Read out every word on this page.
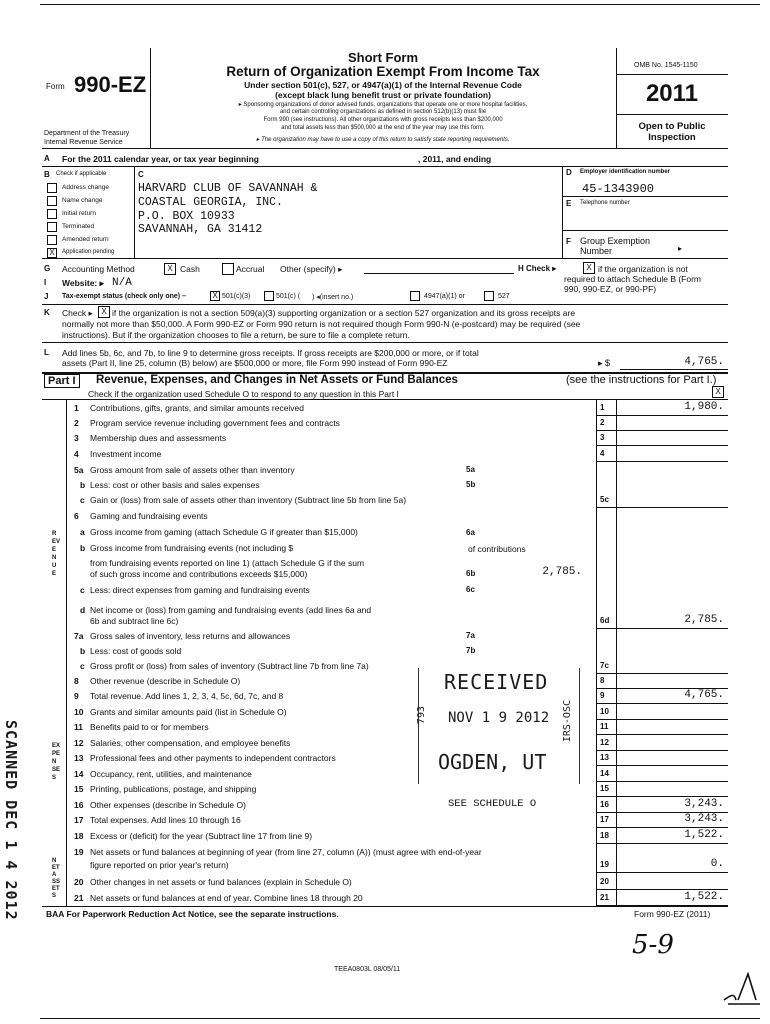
Form 990-EZ
Department of the Treasury
Internal Revenue Service
Short Form
Return of Organization Exempt From Income Tax
Under section 501(c), 527, or 4947(a)(1) of the Internal Revenue Code
(except black lung benefit trust or private foundation)
▸ Sponsoring organizations of donor advised funds, organizations that operate one or more hospital facilities,
and certain controlling organizations as defined in section 512(b)(13) must file
Form 990 (see instructions). All other organizations with gross receipts less than $200,000
and total assets less than $500,000 at the end of the year may use this form.
▸ The organization may have to use a copy of this return to satisfy state reporting requirements.
OMB No. 1545-1150
2011
Open to Public
Inspection
A For the 2011 calendar year, or tax year beginning	, 2011, and ending
B Check if applicable	C
Address change
Name change
Initial return
Terminated
Amended return
X	Application pending
HARVARD CLUB OF SAVANNAH &
COASTAL GEORGIA, INC.
P.O. BOX 10933
SAVANNAH, GA 31412
D Employer identification number
45-1343900
E Telephone number
F Group Exemption
Number	▸
G Accounting Method	X Cash	Accrual Other (specify) ▸	H Check ▸	X if the organization is not
required to attach Schedule B (Form
990, 990-EZ, or 990-PF)
I Website: ▸ N/A
J Tax-exempt status (check only one) –	X 501(c)(3)	501(c) ( ) ◂(insert no.)	4947(a)(1) or	527
K Check ▸	X if the organization is not a section 509(a)(3) supporting organization or a section 527 organization and its gross receipts are
normally not more than $50,000. A Form 990-EZ or Form 990 return is not required though Form 990-N (e-postcard) may be required (see
instructions). But if the organization chooses to file a return, be sure to file a complete return.
L Add lines 5b, 6c, and 7b, to line 9 to determine gross receipts. If gross receipts are $200,000 or more, or if total
assets (Part II, line 25, column (B) below) are $500,000 or more, file Form 990 instead of Form 990-EZ	▸ $	4,765.
Part I	Revenue, Expenses, and Changes in Net Assets or Fund Balances	(see the instructions for Part I.)
Check if the organization used Schedule O to respond to any question in this Part I	X
REVENUE
EXPENSES
NET ASSETS
1 Contributions, gifts, grants, and similar amounts received	1	1,980.
2 Program service revenue including government fees and contracts	2
3 Membership dues and assessments	3
4 Investment income	4
5a Gross amount from sale of assets other than inventory
b Less: cost or other basis and sales expenses
c Gain or (loss) from sale of assets other than inventory (Subtract line 5b from line 5a)	5c
6 Gaming and fundraising events
a Gross income from gaming (attach Schedule G if greater than $15,000)
b Gross income from fundraising events (not including $
from fundraising events reported on line 1) (attach Schedule G if the sum
of such gross income and contributions exceeds $15,000)
c Less: direct expenses from gaming and fundraising events
d Net income or (loss) from gaming and fundraising events (add lines 6a and
6b and subtract line 6c)	6d	2,785.
7a Gross sales of inventory, less returns and allowances
b Less: cost of goods sold
c Gross profit or (loss) from sales of inventory (Subtract line 7b from line 7a)	7c
8 Other revenue (describe in Schedule O)	8
9 Total revenue. Add lines 1, 2, 3, 4, 5c, 6d, 7c, and 8	9	4,765.
10 Grants and similar amounts paid (list in Schedule O)	10
11 Benefits paid to or for members	11
12 Salaries, other compensation, and employee benefits	12
13 Professional fees and other payments to independent contractors	13
14 Occupancy, rent, utilities, and maintenance	14
15 Printing, publications, postage, and shipping	15
16 Other expenses (describe in Schedule O)	16	3,243.
17 Total expenses. Add lines 10 through 16	17	3,243.
18 Excess or (deficit) for the year (Subtract line 17 from line 9)	18	1,522.
19 Net assets or fund balances at beginning of year (from line 27, column (A)) (must agree with end-of-year
figure reported on prior year's return)	19	0.
20 Other changes in net assets or fund balances (explain in Schedule O)	20
21 Net assets or fund balances at end of year. Combine lines 18 through 20	21	1,522.
5a
5b
6a
of contributions
6b	2,785.
6c
7a
7b
SEE SCHEDULE O
RECEIVED
NOV 1 9 2012
OGDEN, UT
793	IRS-OSC
SCANNED DEC 1 4 2012	BAA For Paperwork Reduction Act Notice, see the separate instructions.	Form 990-EZ (2011)
TEEA0803L 08/05/11
5-9
